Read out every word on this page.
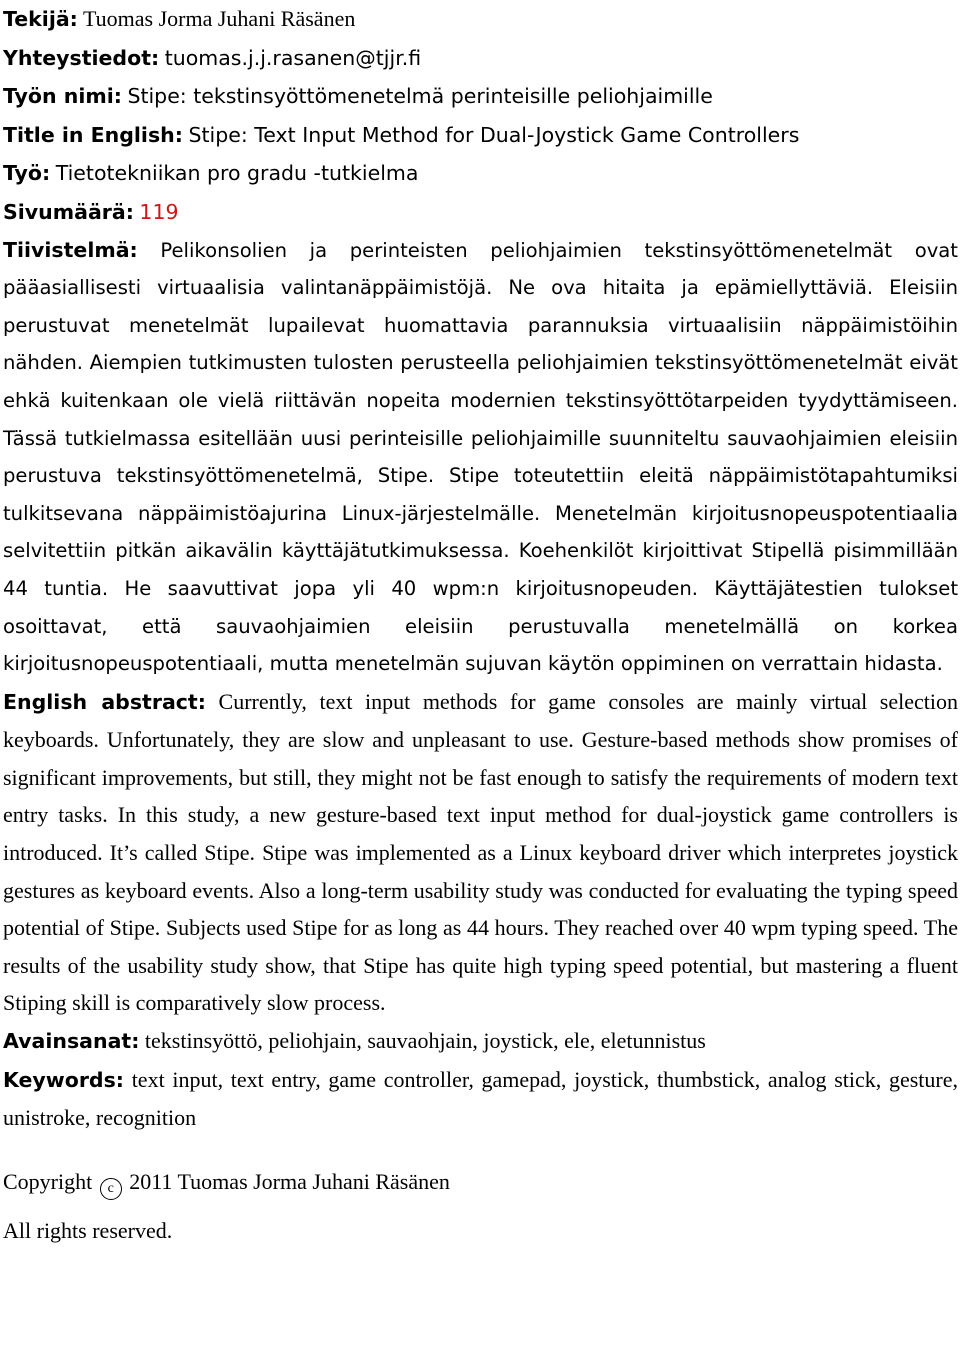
Tekijä: Tuomas Jorma Juhani Räsänen

Yhteystiedot: tuomas.j.j.rasanen@tjjr.fi

Työn nimi: Stipe: tekstinsyöttömenetelmä perinteisille peliohjaimille

Title in English: Stipe: Text Input Method for Dual-Joystick Game Controllers

Työ: Tietotekniikan pro gradu -tutkielma

Sivumäärä: 119

Tiivistelmä: Pelikonsolien ja perinteisten peliohjaimien tekstinsyöttömenetelmät ovat pääasiallisesti virtuaalisia valintanäppäimistöjä. Ne ova hitaita ja epämiellyttäviä. Eleisiin perustuvat menetelmät lupailevat huomattavia parannuksia virtuaalisiin näppäimistöihin nähden. Aiempien tutkimusten tulosten perusteella peliohjaimien tekstinsyöttömenetelmät eivät ehkä kuitenkaan ole vielä riittävän nopeita modernien tekstinsyöttötarpeiden tyydyttämiseen. Tässä tutkielmassa esitellään uusi perinteisille peliohjaimille suunniteltu sauvaohjaimien eleisiin perustuva tekstinsyöttömenetelmä, Stipe. Stipe toteutettiin eleitä näppäimistötapahtumiksi tulkitsevana näppäimistöajurina Linux-järjestelmälle. Menetelmän kirjoitusnopeuspotentiaalia selvitettiin pitkän aikavälin käyttäjätutkimuksessa. Koehenkilöt kirjoittivat Stipellä pisimmillään 44 tuntia. He saavuttivat jopa yli 40 wpm:n kirjoitusnopeuden. Käyttäjätestien tulokset osoittavat, että sauvaohjaimien eleisiin perustuvalla menetelmällä on korkea kirjoitusnopeuspotentiaali, mutta menetelmän sujuvan käytön oppiminen on verrattain hidasta.

English abstract: Currently, text input methods for game consoles are mainly virtual selection keyboards. Unfortunately, they are slow and unpleasant to use. Gesture-based methods show promises of significant improvements, but still, they might not be fast enough to satisfy the requirements of modern text entry tasks. In this study, a new gesture-based text input method for dual-joystick game controllers is introduced. It’s called Stipe. Stipe was implemented as a Linux keyboard driver which interpretes joystick gestures as keyboard events. Also a long-term usability study was conducted for evaluating the typing speed potential of Stipe. Subjects used Stipe for as long as 44 hours. They reached over 40 wpm typing speed. The results of the usability study show, that Stipe has quite high typing speed potential, but mastering a fluent Stiping skill is comparatively slow process.

Avainsanat: tekstinsyöttö, peliohjain, sauvaohjain, joystick, ele, eletunnistus

Keywords: text input, text entry, game controller, gamepad, joystick, thumbstick, analog stick, gesture, unistroke, recognition

Copyright c 2011 Tuomas Jorma Juhani Räsänen

All rights reserved.
